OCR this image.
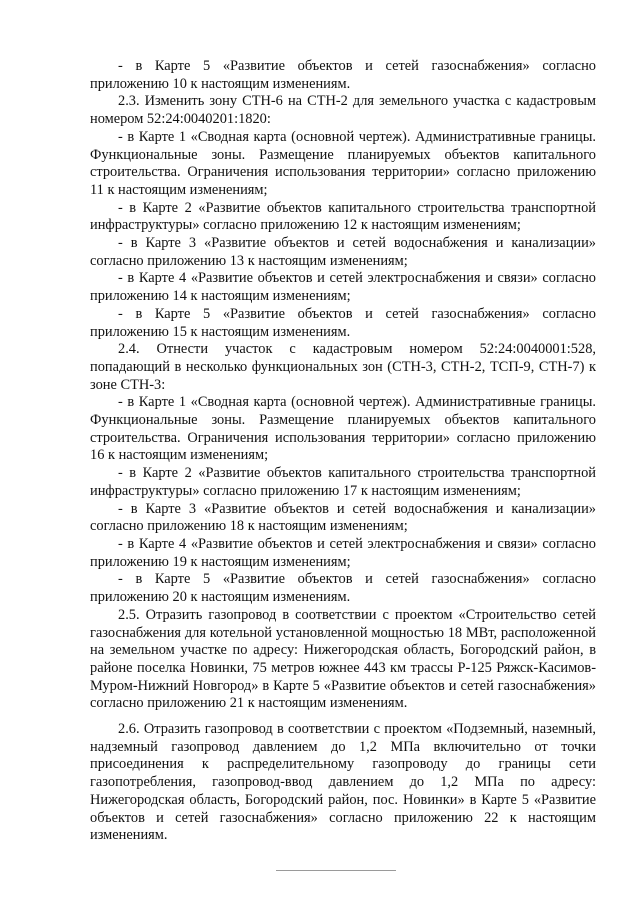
- в Карте 5 «Развитие объектов и сетей газоснабжения» согласно приложению 10 к настоящим изменениям.

2.3. Изменить зону СТН-6 на СТН-2 для земельного участка с кадастровым номером 52:24:0040201:1820:

- в Карте 1 «Сводная карта (основной чертеж). Административные границы. Функциональные зоны. Размещение планируемых объектов капитального строительства. Ограничения использования территории» согласно приложению 11 к настоящим изменениям;

- в Карте 2 «Развитие объектов капитального строительства транспортной инфраструктуры» согласно приложению 12 к настоящим изменениям;

- в Карте 3 «Развитие объектов и сетей водоснабжения и канализации» согласно приложению 13 к настоящим изменениям;

- в Карте 4 «Развитие объектов и сетей электроснабжения и связи» согласно приложению 14 к настоящим изменениям;

- в Карте 5 «Развитие объектов и сетей газоснабжения» согласно приложению 15 к настоящим изменениям.

2.4. Отнести участок с кадастровым номером 52:24:0040001:528, попадающий в несколько функциональных зон (СТН-3, СТН-2, ТСП-9, СТН-7) к зоне СТН-3:

- в Карте 1 «Сводная карта (основной чертеж). Административные границы. Функциональные зоны. Размещение планируемых объектов капитального строительства. Ограничения использования территории» согласно приложению 16 к настоящим изменениям;

- в Карте 2 «Развитие объектов капитального строительства транспортной инфраструктуры» согласно приложению 17 к настоящим изменениям;

- в Карте 3 «Развитие объектов и сетей водоснабжения и канализации» согласно приложению 18 к настоящим изменениям;

- в Карте 4 «Развитие объектов и сетей электроснабжения и связи» согласно приложению 19 к настоящим изменениям;

- в Карте 5 «Развитие объектов и сетей газоснабжения» согласно приложению 20 к настоящим изменениям.

2.5. Отразить газопровод в соответствии с проектом «Строительство сетей газоснабжения для котельной установленной мощностью 18 МВт, расположенной на земельном участке по адресу: Нижегородская область, Богородский район, в районе поселка Новинки, 75 метров южнее 443 км трассы Р-125 Ряжск-Касимов-Муром-Нижний Новгород» в Карте 5 «Развитие объектов и сетей газоснабжения» согласно приложению 21 к настоящим изменениям.

2.6. Отразить газопровод в соответствии с проектом «Подземный, наземный, надземный газопровод давлением до 1,2 МПа включительно от точки присоединения к распределительному газопроводу до границы сети газопотребления, газопровод-ввод давлением до 1,2 МПа по адресу: Нижегородская область, Богородский район, пос. Новинки» в Карте 5 «Развитие объектов и сетей газоснабжения» согласно приложению 22 к настоящим изменениям.
